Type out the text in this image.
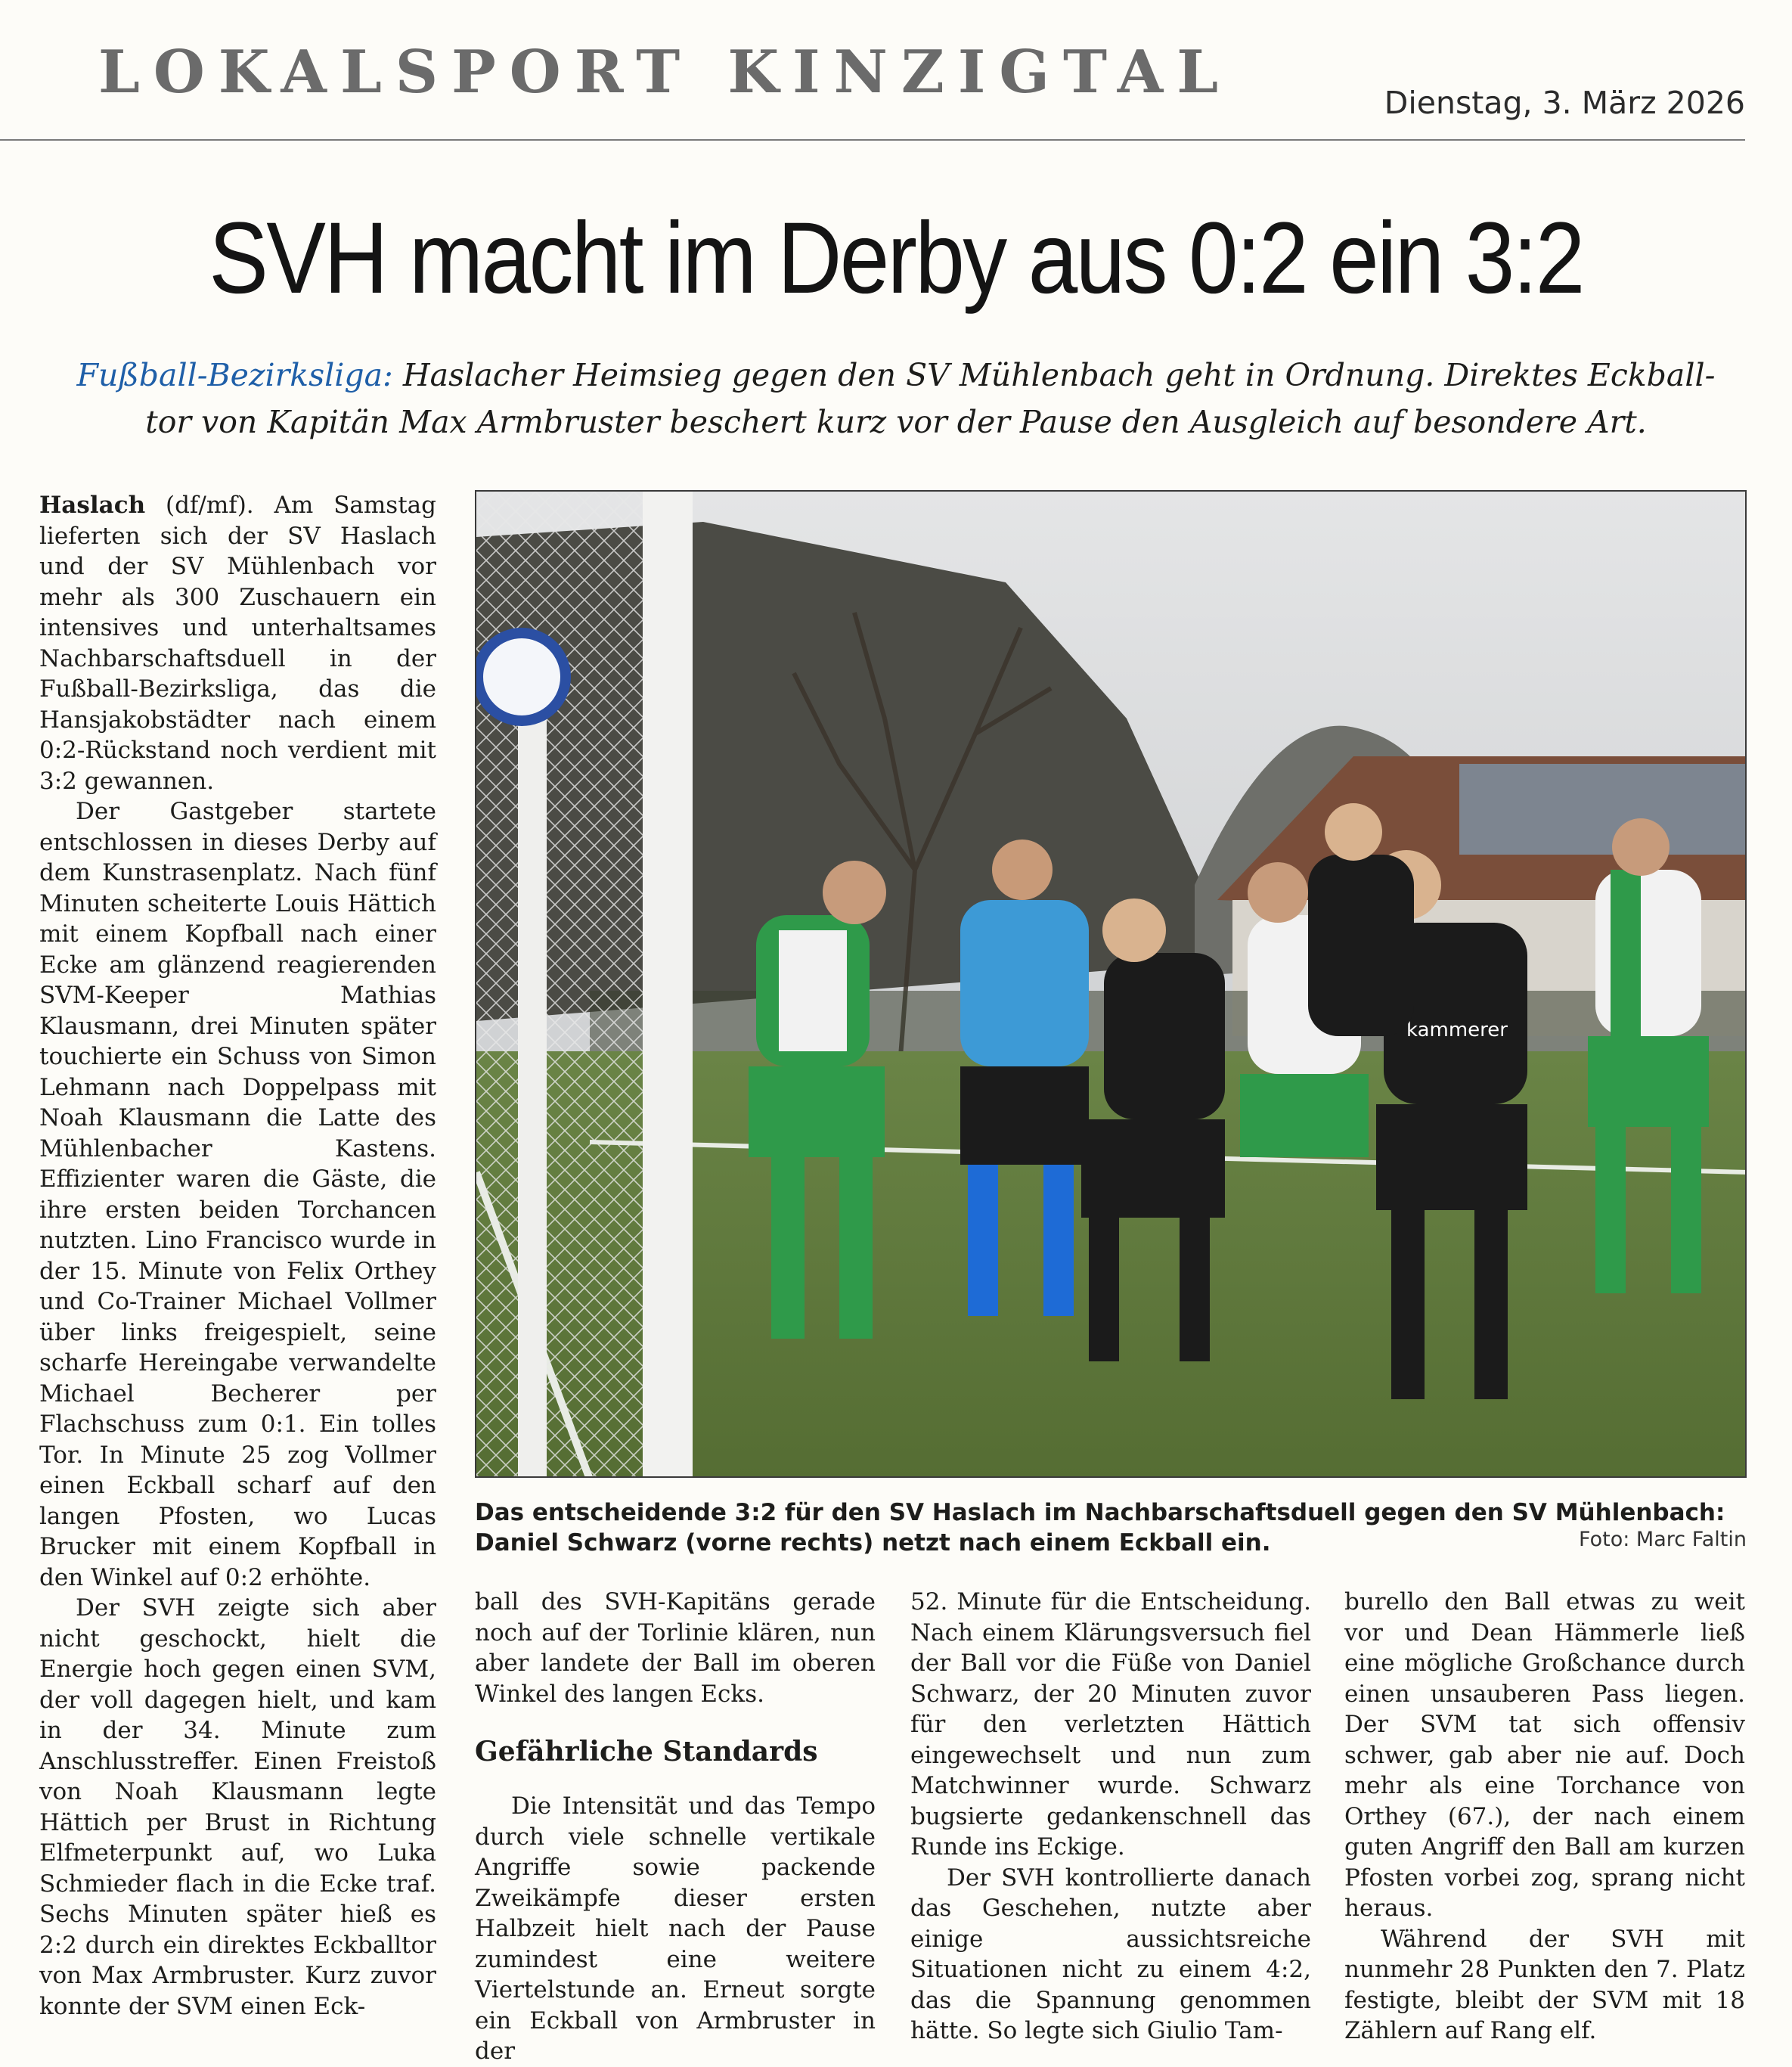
LOKALSPORT KINZIGTAL	Dienstag, 3. März 2026
SVH macht im Derby aus 0:2 ein 3:2
Fußball-Bezirksliga: Haslacher Heimsieg gegen den SV Mühlenbach geht in Ordnung. Direktes Eckball-
tor von Kapitän Max Armbruster beschert kurz vor der Pause den Ausgleich auf besondere Art.

Haslach (df/mf). Am Samstag lieferten sich der SV Haslach und der SV Mühlenbach vor mehr als 300 Zuschauern ein intensives und unterhaltsames Nachbarschaftsduell in der Fußball-Bezirksliga, das die Hansjakobstädter nach einem 0:2-Rückstand noch verdient mit 3:2 gewannen.

Der Gastgeber startete entschlossen in dieses Derby auf dem Kunstrasenplatz. Nach fünf Minuten scheiterte Louis Hättich mit einem Kopfball nach einer Ecke am glänzend reagierenden SVM-Keeper Mathias Klausmann, drei Minuten später touchierte ein Schuss von Simon Lehmann nach Doppelpass mit Noah Klausmann die Latte des Mühlenbacher Kastens. Effizienter waren die Gäste, die ihre ersten beiden Torchancen nutzten. Lino Francisco wurde in der 15. Minute von Felix Orthey und Co-Trainer Michael Vollmer über links freigespielt, seine scharfe Hereingabe verwandelte Michael Becherer per Flachschuss zum 0:1. Ein tolles Tor. In Minute 25 zog Vollmer einen Eckball scharf auf den langen Pfosten, wo Lucas Brucker mit einem Kopfball in den Winkel auf 0:2 erhöhte.

Der SVH zeigte sich aber nicht geschockt, hielt die Energie hoch gegen einen SVM, der voll dagegen hielt, und kam in der 34. Minute zum Anschlusstreffer. Einen Freistoß von Noah Klausmann legte Hättich per Brust in Richtung Elfmeterpunkt auf, wo Luka Schmieder flach in die Ecke traf. Sechs Minuten später hieß es 2:2 durch ein direktes Eckballtor von Max Armbruster. Kurz zuvor konnte der SVM einen Eck-

ball des SVH-Kapitäns gerade noch auf der Torlinie klären, nun aber landete der Ball im oberen Winkel des langen Ecks.

Gefährliche Standards

Die Intensität und das Tempo durch viele schnelle vertikale Angriffe sowie packende Zweikämpfe dieser ersten Halbzeit hielt nach der Pause zumindest eine weitere Viertelstunde an. Erneut sorgte ein Eckball von Armbruster in der

52. Minute für die Entscheidung. Nach einem Klärungsversuch fiel der Ball vor die Füße von Daniel Schwarz, der 20 Minuten zuvor für den verletzten Hättich eingewechselt und nun zum Matchwinner wurde. Schwarz bugsierte gedankenschnell das Runde ins Eckige.

Der SVH kontrollierte danach das Geschehen, nutzte aber einige aussichtsreiche Situationen nicht zu einem 4:2, das die Spannung genommen hätte. So legte sich Giulio Tam-

burello den Ball etwas zu weit vor und Dean Hämmerle ließ eine mögliche Großchance durch einen unsauberen Pass liegen. Der SVM tat sich offensiv schwer, gab aber nie auf. Doch mehr als eine Torchance von Orthey (67.), der nach einem guten Angriff den Ball am kurzen Pfosten vorbei zog, sprang nicht heraus.

Während der SVH mit nunmehr 28 Punkten den 7. Platz festigte, bleibt der SVM mit 18 Zählern auf Rang elf.

kammerer
Das entscheidende 3:2 für den SV Haslach im Nachbarschaftsduell gegen den SV Mühlenbach:
Daniel Schwarz (vorne rechts) netzt nach einem Eckball ein.	Foto: Marc Faltin
